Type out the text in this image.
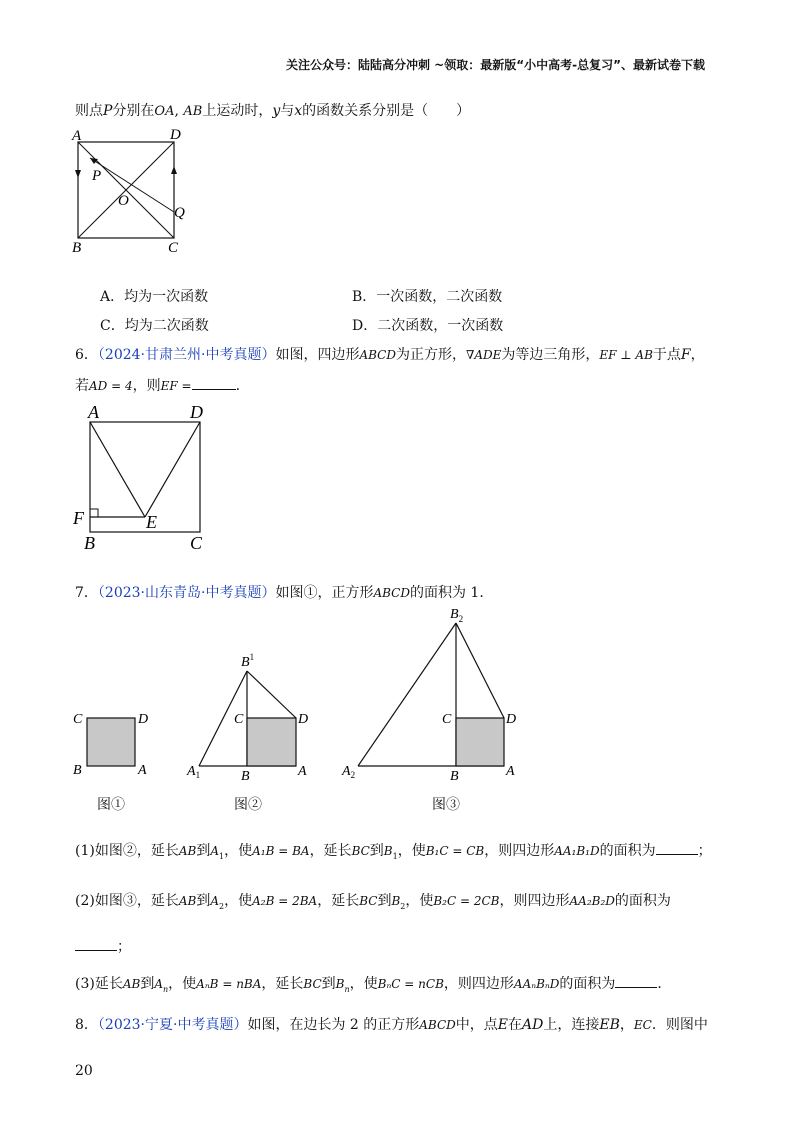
关注公众号：陆陆高分冲刺 ~领取：最新版“小中高考-总复习”、最新试卷下载
则点P分别在OA, AB上运动时，y与x的函数关系分别是（　　）
A	D
P
O
Q
B	C
A．均为一次函数	B．一次函数，二次函数
C．均为二次函数	D．二次函数，一次函数
6．（2024·甘肃兰州·中考真题）如图，四边形ABCD为正方形，∇ADE为等边三角形，EF ⊥ AB于点F，
若AD = 4，则EF =	.
A	D
F	E
B	C
7．（2023·山东青岛·中考真题）如图①，正方形ABCD的面积为 1.
C	D
B	A
$B^1$
C	D
$A_1$	B	A
$B_2$
C	D
$A_2$	B	A
图①	图②	图③
(1)如图②，延长AB到$A_1$，使A₁B = BA，延长BC到$B_1$，使B₁C = CB，则四边形AA₁B₁D的面积为	；
(2)如图③，延长AB到$A_2$，使A₂B = 2BA，延长BC到$B_2$，使B₂C = 2CB，则四边形AA₂B₂D的面积为
；
(3)延长AB到$A_n$，使AₙB = nBA，延长BC到$B_n$，使BₙC = nCB，则四边形AAₙBₙD的面积为	.
8．（2023·宁夏·中考真题）如图，在边长为 2 的正方形ABCD中，点E在AD上，连接EB，EC．则图中
20
